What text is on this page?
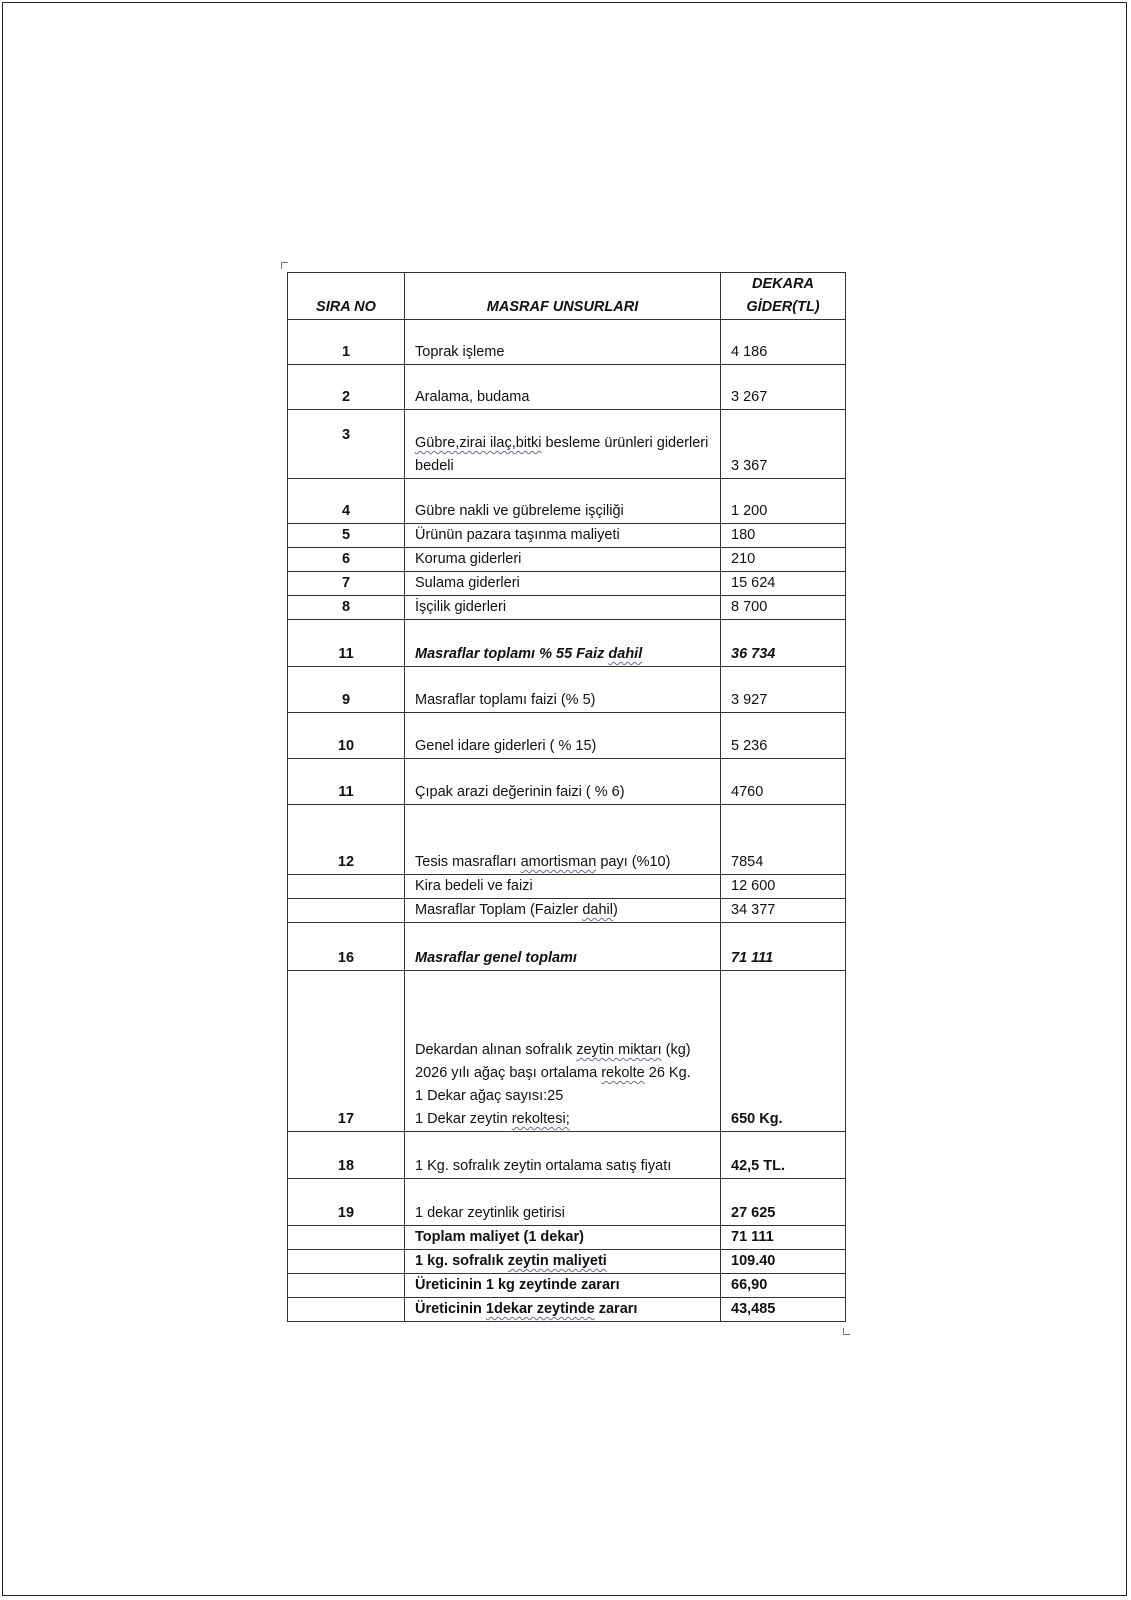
SIRA NO	MASRAF UNSURLARI	DEKARA GİDER(TL)
1	Toprak işleme	4 186
2	Aralama, budama	3 267
3	Gübre,zirai ilaç,bitki besleme ürünleri giderleri bedeli	3 367
4	Gübre nakli ve gübreleme işçiliği	1 200
5	Ürünün pazara taşınma maliyeti	180
6	Koruma giderleri	210
7	Sulama giderleri	15 624
8	İşçilik giderleri	8 700
11	Masraflar toplamı % 55 Faiz dahil	36 734
9	Masraflar toplamı faizi (% 5)	3 927
10	Genel idare giderleri ( % 15)	5 236
11	Çıpak arazi değerinin faizi ( % 6)	4760
12	Tesis masrafları amortisman payı (%10)	7854
	Kira bedeli ve faizi	12 600
	Masraflar Toplam (Faizler dahil)	34 377
16	Masraflar genel toplamı	71 111
17	Dekardan alınan sofralık zeytin miktarı (kg)
2026 yılı ağaç başı ortalama rekolte 26 Kg.
1 Dekar ağaç sayısı:25
1 Dekar zeytin rekoltesi;	650 Kg.
18	1 Kg. sofralık zeytin ortalama satış fiyatı	42,5 TL.
19	1 dekar zeytinlik getirisi	27 625
	Toplam maliyet (1 dekar)	71 111
	1 kg. sofralık zeytin maliyeti	109.40
	Üreticinin 1 kg zeytinde zararı	66,90
	Üreticinin 1dekar zeytinde zararı	43,485
